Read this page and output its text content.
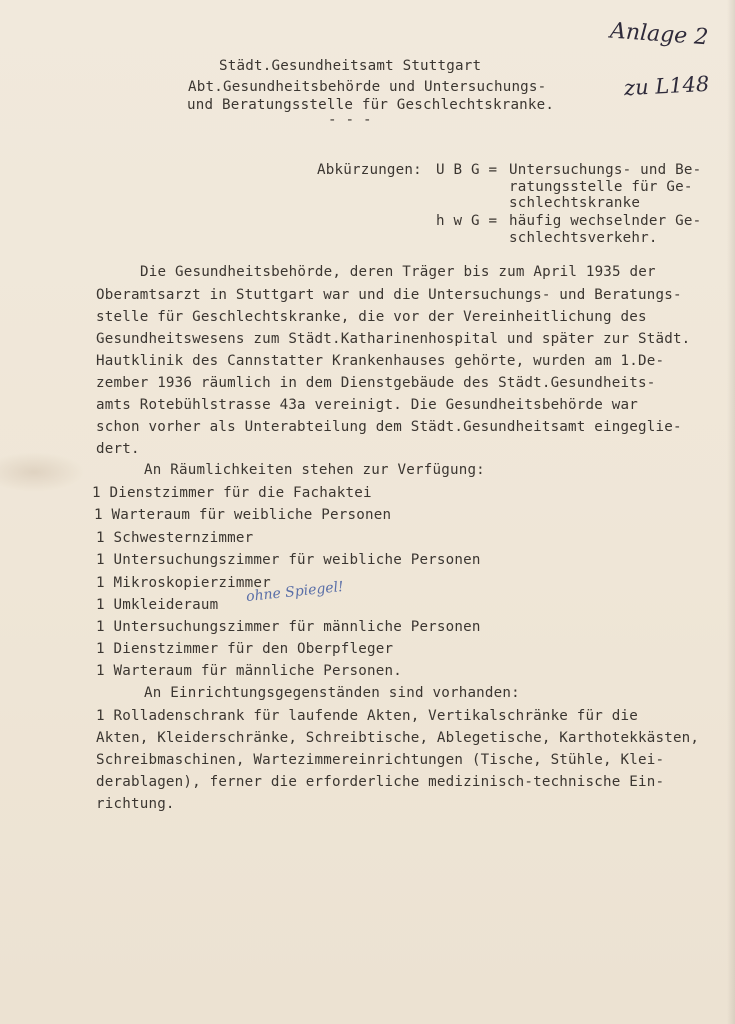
Anlage 2
zu L148
ohne Spiegel!
Städt.Gesundheitsamt Stuttgart
Abt.Gesundheitsbehörde und Untersuchungs-
und Beratungsstelle für Geschlechtskranke.
- - -
Abkürzungen: U B G = Untersuchungs- und Be-
ratungsstelle für Ge-
schlechtskranke
h w G = häufig wechselnder Ge-
schlechtsverkehr.
Die Gesundheitsbehörde, deren Träger bis zum April 1935 der
Oberamtsarzt in Stuttgart war und die Untersuchungs- und Beratungs-
stelle für Geschlechtskranke, die vor der Vereinheitlichung des
Gesundheitswesens zum Städt.Katharinenhospital und später zur Städt.
Hautklinik des Cannstatter Krankenhauses gehörte, wurden am 1.De-
zember 1936 räumlich in dem Dienstgebäude des Städt.Gesundheits-
amts Rotebühlstrasse 43a vereinigt. Die Gesundheitsbehörde war
schon vorher als Unterabteilung dem Städt.Gesundheitsamt eingeglie-
dert.
An Räumlichkeiten stehen zur Verfügung:
1 Dienstzimmer für die Fachaktei
1 Warteraum für weibliche Personen
1 Schwesternzimmer
1 Untersuchungszimmer für weibliche Personen
1 Mikroskopierzimmer
1 Umkleideraum
1 Untersuchungszimmer für männliche Personen
1 Dienstzimmer für den Oberpfleger
1 Warteraum für männliche Personen.
An Einrichtungsgegenständen sind vorhanden:
1 Rolladenschrank für laufende Akten, Vertikalschränke für die
Akten, Kleiderschränke, Schreibtische, Ablegetische, Karthotekkästen,
Schreibmaschinen, Wartezimmereinrichtungen (Tische, Stühle, Klei-
derablagen), ferner die erforderliche medizinisch-technische Ein-
richtung.
